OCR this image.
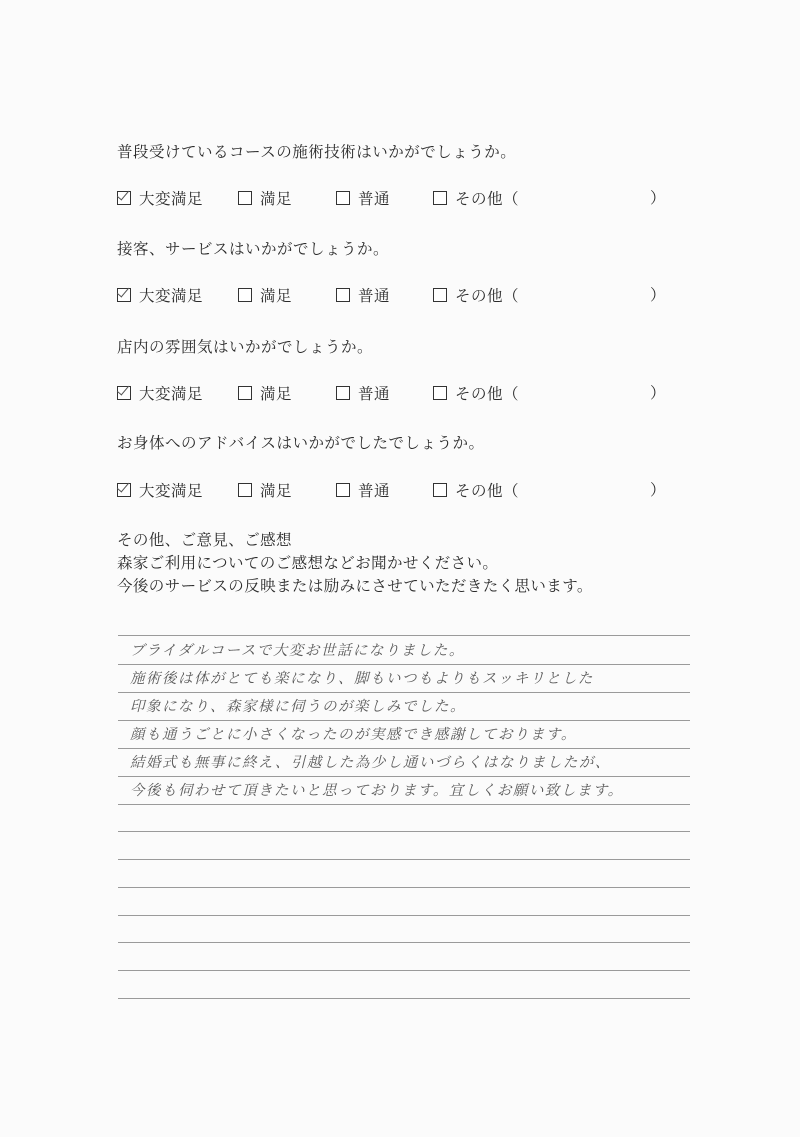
普段受けているコースの施術技術はいかがでしょうか。
大変満足	満足	普通	その他（	）
接客、サービスはいかがでしょうか。
大変満足	満足	普通	その他（	）
店内の雰囲気はいかがでしょうか。
大変満足	満足	普通	その他（	）
お身体へのアドバイスはいかがでしたでしょうか。
大変満足	満足	普通	その他（	）
その他、ご意見、ご感想
森家ご利用についてのご感想などお聞かせください。
今後のサービスの反映または励みにさせていただきたく思います。
ブライダルコースで大変お世話になりました。
施術後は体がとても楽になり、脚もいつもよりもスッキリとした
印象になり、森家様に伺うのが楽しみでした。
顔も通うごとに小さくなったのが実感でき感謝しております。
結婚式も無事に終え、引越した為少し通いづらくはなりましたが、
今後も伺わせて頂きたいと思っております。宜しくお願い致します。
